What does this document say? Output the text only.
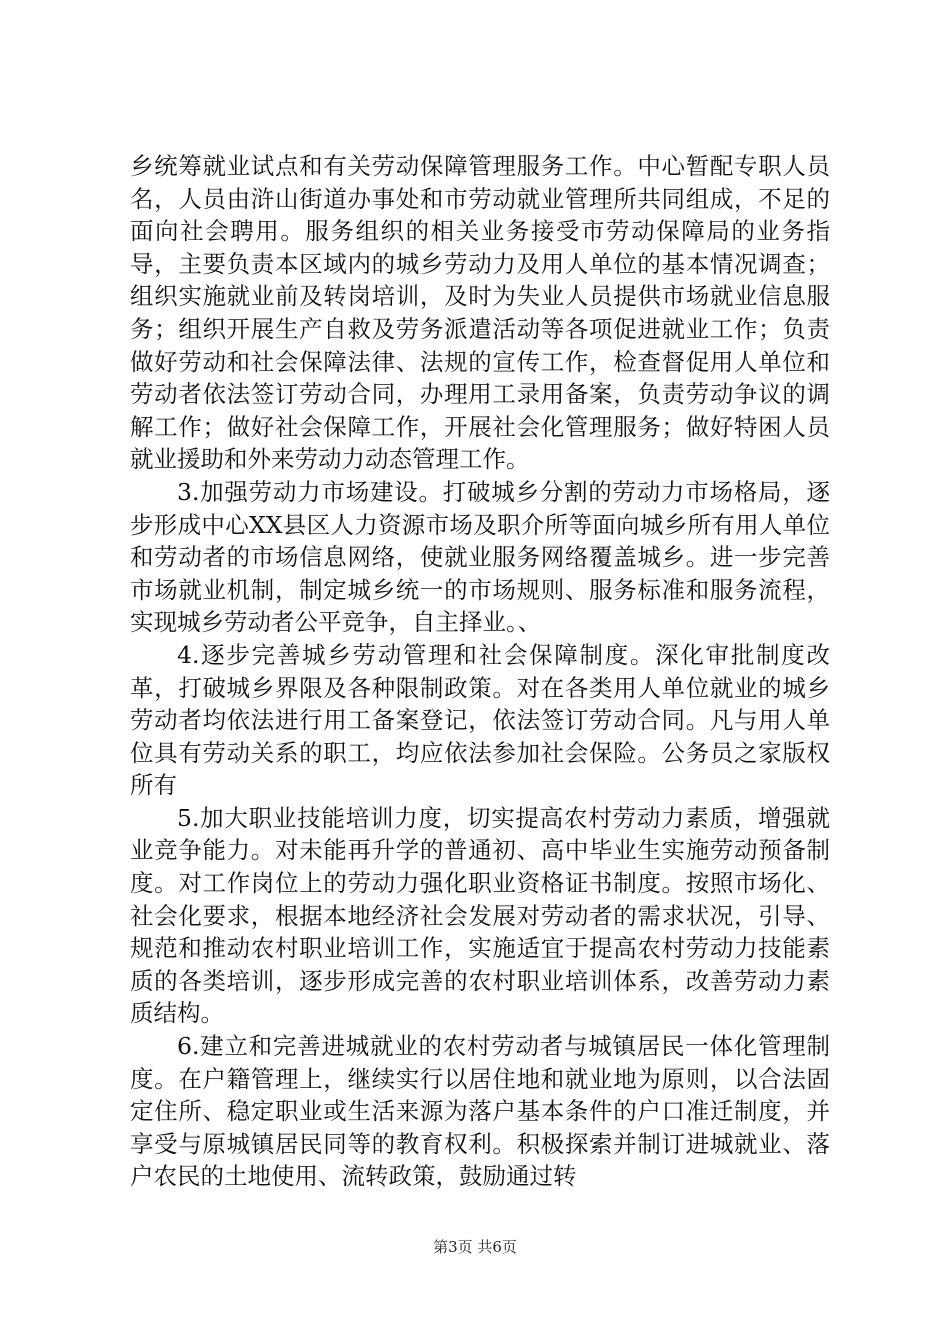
乡统筹就业试点和有关劳动保障管理服务工作。中心暂配专职人员名，人员由浒山街道办事处和市劳动就业管理所共同组成，不足的面向社会聘用。服务组织的相关业务接受市劳动保障局的业务指导，主要负责本区域内的城乡劳动力及用人单位的基本情况调查；组织实施就业前及转岗培训，及时为失业人员提供市场就业信息服务；组织开展生产自救及劳务派遣活动等各项促进就业工作；负责做好劳动和社会保障法律、法规的宣传工作，检查督促用人单位和劳动者依法签订劳动合同，办理用工录用备案，负责劳动争议的调解工作；做好社会保障工作，开展社会化管理服务；做好特困人员就业援助和外来劳动力动态管理工作。

3.加强劳动力市场建设。打破城乡分割的劳动力市场格局，逐步形成中心XX县区人力资源市场及职介所等面向城乡所有用人单位和劳动者的市场信息网络，使就业服务网络覆盖城乡。进一步完善市场就业机制，制定城乡统一的市场规则、服务标准和服务流程，实现城乡劳动者公平竞争，自主择业。、

4.逐步完善城乡劳动管理和社会保障制度。深化审批制度改革，打破城乡界限及各种限制政策。对在各类用人单位就业的城乡劳动者均依法进行用工备案登记，依法签订劳动合同。凡与用人单位具有劳动关系的职工，均应依法参加社会保险。公务员之家版权所有

5.加大职业技能培训力度，切实提高农村劳动力素质，增强就业竞争能力。对未能再升学的普通初、高中毕业生实施劳动预备制度。对工作岗位上的劳动力强化职业资格证书制度。按照市场化、社会化要求，根据本地经济社会发展对劳动者的需求状况，引导、规范和推动农村职业培训工作，实施适宜于提高农村劳动力技能素质的各类培训，逐步形成完善的农村职业培训体系，改善劳动力素质结构。

6.建立和完善进城就业的农村劳动者与城镇居民一体化管理制度。在户籍管理上，继续实行以居住地和就业地为原则，以合法固定住所、稳定职业或生活来源为落户基本条件的户口准迁制度，并享受与原城镇居民同等的教育权利。积极探索并制订进城就业、落户农民的土地使用、流转政策，鼓励通过转

第3页 共6页
